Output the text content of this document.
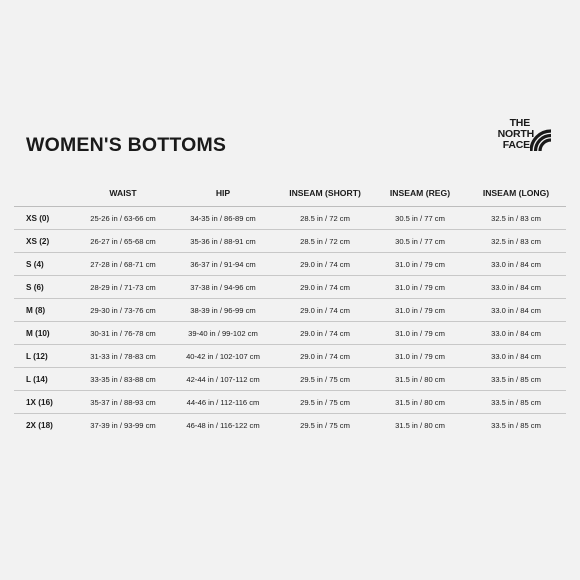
WOMEN'S BOTTOMS
THE
NORTH
FACE
	WAIST	HIP	INSEAM (SHORT)	INSEAM (REG)	INSEAM (LONG)
XS (0)	25-26 in / 63-66 cm	34-35 in / 86-89 cm	28.5 in / 72 cm	30.5 in / 77 cm	32.5 in / 83 cm
XS (2)	26-27 in / 65-68 cm	35-36 in / 88-91 cm	28.5 in / 72 cm	30.5 in / 77 cm	32.5 in / 83 cm
S (4)	27-28 in / 68-71 cm	36-37 in / 91-94 cm	29.0 in / 74 cm	31.0 in / 79 cm	33.0 in / 84 cm
S (6)	28-29 in / 71-73 cm	37-38 in / 94-96 cm	29.0 in / 74 cm	31.0 in / 79 cm	33.0 in / 84 cm
M (8)	29-30 in / 73-76 cm	38-39 in / 96-99 cm	29.0 in / 74 cm	31.0 in / 79 cm	33.0 in / 84 cm
M (10)	30-31 in / 76-78 cm	39-40 in / 99-102 cm	29.0 in / 74 cm	31.0 in / 79 cm	33.0 in / 84 cm
L (12)	31-33 in / 78-83 cm	40-42 in / 102-107 cm	29.0 in / 74 cm	31.0 in / 79 cm	33.0 in / 84 cm
L (14)	33-35 in / 83-88 cm	42-44 in / 107-112 cm	29.5 in / 75 cm	31.5 in / 80 cm	33.5 in / 85 cm
1X (16)	35-37 in / 88-93 cm	44-46 in / 112-116 cm	29.5 in / 75 cm	31.5 in / 80 cm	33.5 in / 85 cm
2X (18)	37-39 in / 93-99 cm	46-48 in / 116-122 cm	29.5 in / 75 cm	31.5 in / 80 cm	33.5 in / 85 cm
